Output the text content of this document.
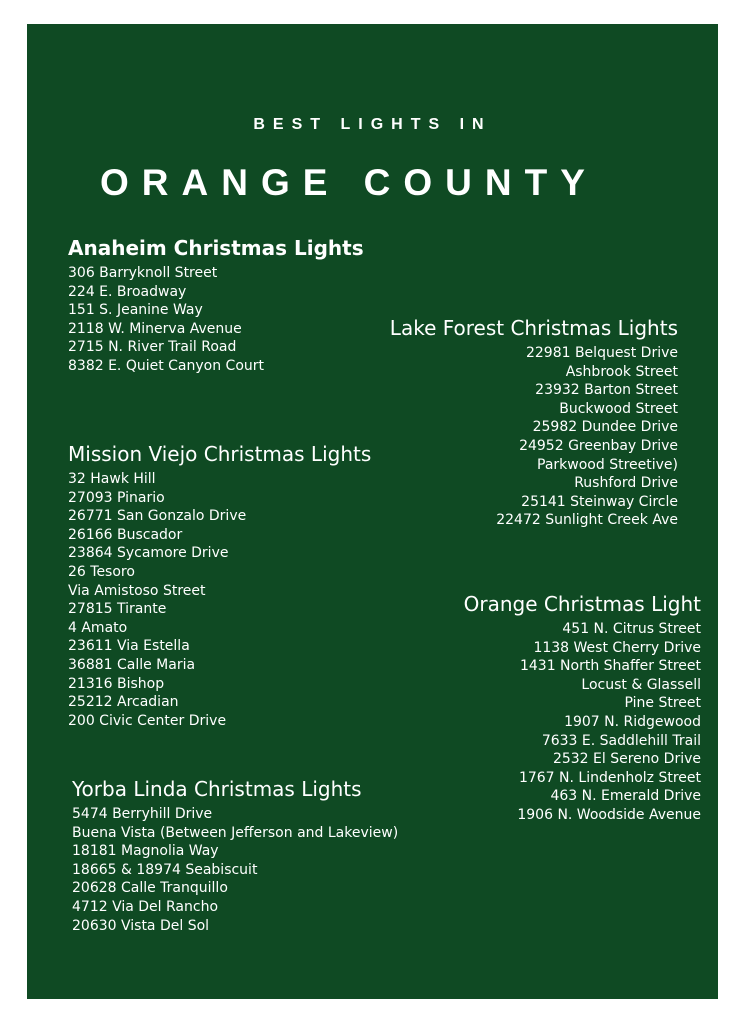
BEST LIGHTS IN
ORANGE COUNTY
Anaheim Christmas Lights
306 Barryknoll Street
224 E. Broadway
151 S. Jeanine Way
2118 W. Minerva Avenue
2715 N. River Trail Road
8382 E. Quiet Canyon Court
Lake Forest Christmas Lights
22981 Belquest Drive
Ashbrook Street
23932 Barton Street
Buckwood Street
25982 Dundee Drive
24952 Greenbay Drive
Parkwood Streetive)
Rushford Drive
25141 Steinway Circle
22472 Sunlight Creek Ave
Mission Viejo Christmas Lights
32 Hawk Hill
27093 Pinario
26771 San Gonzalo Drive
26166 Buscador
23864 Sycamore Drive
26 Tesoro
Via Amistoso Street
27815 Tirante
4 Amato
23611 Via Estella
36881 Calle Maria
21316 Bishop
25212 Arcadian
200 Civic Center Drive
Orange Christmas Light
451 N. Citrus Street
1138 West Cherry Drive
1431 North Shaffer Street
Locust & Glassell
Pine Street
1907 N. Ridgewood
7633 E. Saddlehill Trail
2532 El Sereno Drive
1767 N. Lindenholz Street
463 N. Emerald Drive
1906 N. Woodside Avenue
Yorba Linda Christmas Lights
5474 Berryhill Drive
Buena Vista (Between Jefferson and Lakeview)
18181 Magnolia Way
18665 & 18974 Seabiscuit
20628 Calle Tranquillo
4712 Via Del Rancho
20630 Vista Del Sol
